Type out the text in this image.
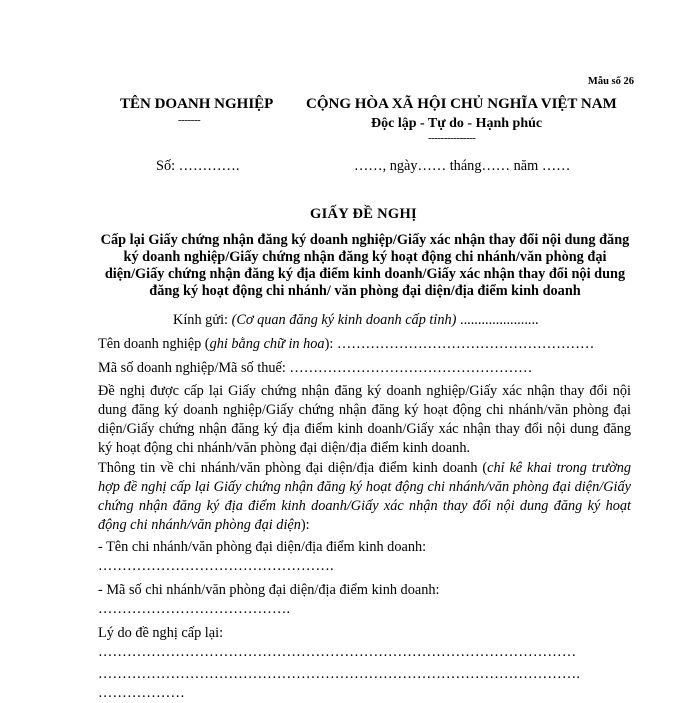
Mẫu số 26
TÊN DOANH NGHIỆP
-------
CỘNG HÒA XÃ HỘI CHỦ NGHĨA VIỆT NAM
Độc lập - Tự do - Hạnh phúc
---------------
Số: ………….	……, ngày…… tháng…… năm ……
GIẤY ĐỀ NGHỊ
Cấp lại Giấy chứng nhận đăng ký doanh nghiệp/Giấy xác nhận thay đổi nội dung đăng ký doanh nghiệp/Giấy chứng nhận đăng ký hoạt động chi nhánh/văn phòng đại diện/Giấy chứng nhận đăng ký địa điểm kinh doanh/Giấy xác nhận thay đổi nội dung đăng ký hoạt động chi nhánh/ văn phòng đại diện/địa điểm kinh doanh
Kính gửi: (Cơ quan đăng ký kinh doanh cấp tỉnh) ......................
Tên doanh nghiệp (ghi bằng chữ in hoa): ………………………………………………
Mã số doanh nghiệp/Mã số thuế: ……………………………………………
Đề nghị được cấp lại Giấy chứng nhận đăng ký doanh nghiệp/Giấy xác nhận thay đổi nội dung đăng ký doanh nghiệp/Giấy chứng nhận đăng ký hoạt động chi nhánh/văn phòng đại diện/Giấy chứng nhận đăng ký địa điểm kinh doanh/Giấy xác nhận thay đổi nội dung đăng ký hoạt động chi nhánh/văn phòng đại diện/địa điểm kinh doanh.
Thông tin về chi nhánh/văn phòng đại diện/địa điểm kinh doanh (chỉ kê khai trong trường hợp đề nghị cấp lại Giấy chứng nhận đăng ký hoạt động chi nhánh/văn phòng đại diện/Giấy chứng nhận đăng ký địa điểm kinh doanh/Giấy xác nhận thay đổi nội dung đăng ký hoạt động chi nhánh/văn phòng đại diện):
- Tên chi nhánh/văn phòng đại diện/địa điểm kinh doanh:
………………………………………….
- Mã số chi nhánh/văn phòng đại diện/địa điểm kinh doanh:
………………………………….
Lý do đề nghị cấp lại:
………………………………………………………………………………………
……………………………………………………………………………………….
………………
